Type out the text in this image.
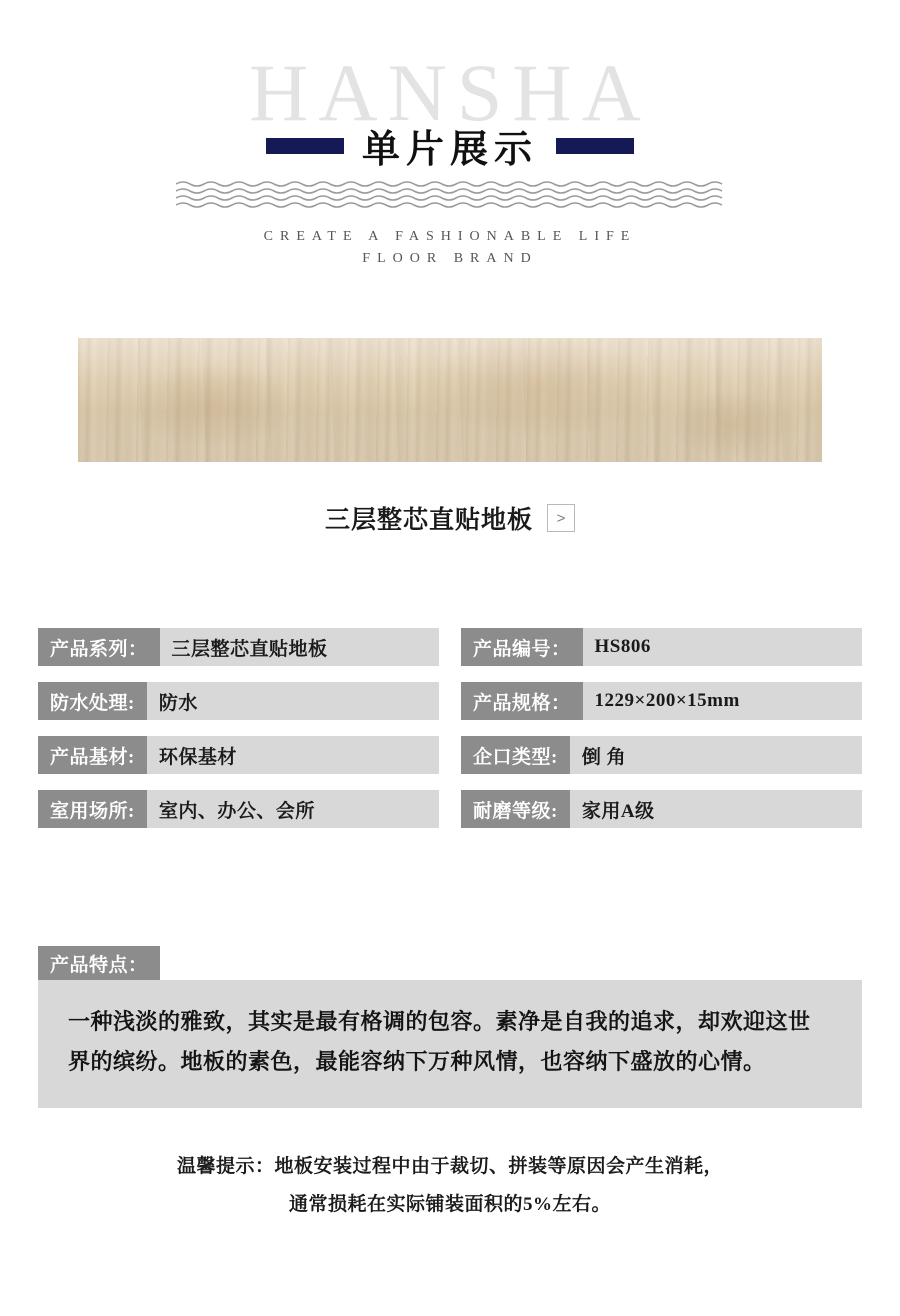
HANSHA
单片展示
CREATE A FASHIONABLE LIFE
FLOOR BRAND
三层整芯直贴地板	>
产品系列：	三层整芯直贴地板	产品编号：	HS806
防水处理:	防水	产品规格：	1229×200×15mm
产品基材:	环保基材	企口类型:	倒 角
室用场所:	室内、办公、会所	耐磨等级:	家用A级
产品特点：
一种浅淡的雅致，其实是最有格调的包容。素净是自我的追求，却欢迎这世界的缤纷。地板的素色，最能容纳下万种风情，也容纳下盛放的心情。
温馨提示：地板安装过程中由于裁切、拼装等原因会产生消耗，
通常损耗在实际铺装面积的5%左右。
